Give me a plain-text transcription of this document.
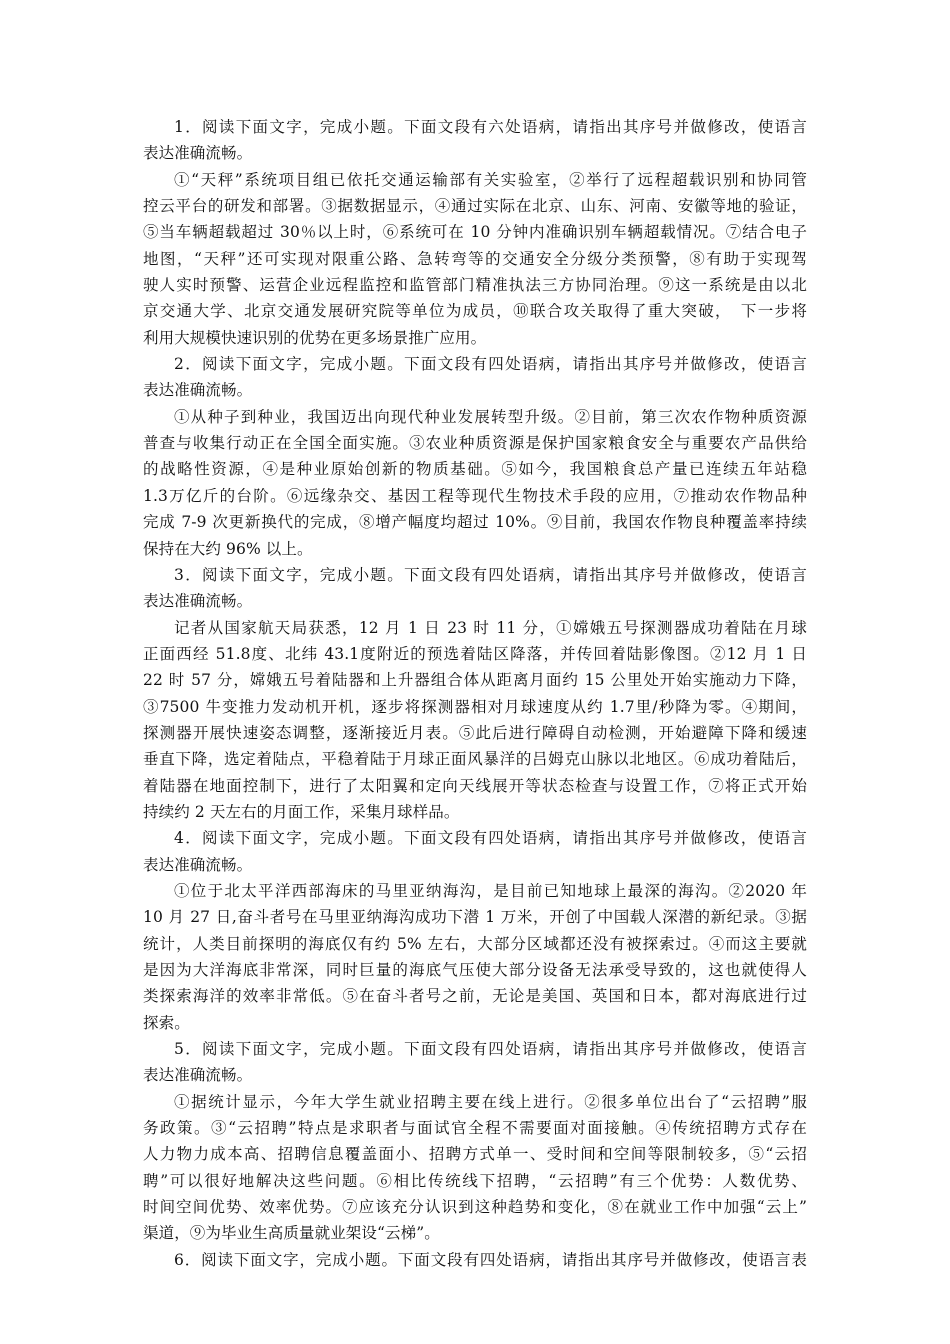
1．阅读下面文字，完成小题。下面文段有六处语病，请指出其序号并做修改，使语言
表达准确流畅。
①“天秤”系统项目组已依托交通运输部有关实验室，②举行了远程超载识别和协同管
控云平台的研发和部署。③据数据显示，④通过实际在北京、山东、河南、安徽等地的验证，
⑤当车辆超载超过 30％以上时，⑥系统可在 10 分钟内准确识别车辆超载情况。⑦结合电子
地图，“天秤”还可实现对限重公路、急转弯等的交通安全分级分类预警，⑧有助于实现驾
驶人实时预警、运营企业远程监控和监管部门精准执法三方协同治理。⑨这一系统是由以北
京交通大学、北京交通发展研究院等单位为成员，⑩联合攻关取得了重大突破，　下一步将
利用大规模快速识别的优势在更多场景推广应用。
2．阅读下面文字，完成小题。下面文段有四处语病，请指出其序号并做修改，使语言
表达准确流畅。
①从种子到种业，我国迈出向现代种业发展转型升级。②目前，第三次农作物种质资源
普查与收集行动正在全国全面实施。③农业种质资源是保护国家粮食安全与重要农产品供给
的战略性资源，④是种业原始创新的物质基础。⑤如今，我国粮食总产量已连续五年站稳
1.3万亿斤的台阶。⑥远缘杂交、基因工程等现代生物技术手段的应用，⑦推动农作物品种
完成 7-9 次更新换代的完成，⑧增产幅度均超过 10%。⑨目前，我国农作物良种覆盖率持续
保持在大约 96% 以上。
3．阅读下面文字，完成小题。下面文段有四处语病，请指出其序号并做修改，使语言
表达准确流畅。
记者从国家航天局获悉，12 月 1 日 23 时 11 分，①嫦娥五号探测器成功着陆在月球
正面西经 51.8度、北纬 43.1度附近的预选着陆区降落，并传回着陆影像图。②12 月 1 日
22 时 57 分，嫦娥五号着陆器和上升器组合体从距离月面约 15 公里处开始实施动力下降，
③7500 牛变推力发动机开机，逐步将探测器相对月球速度从约 1.7里/秒降为零。④期间，
探测器开展快速姿态调整，逐渐接近月表。⑤此后进行障碍自动检测，开始避障下降和缓速
垂直下降，选定着陆点，平稳着陆于月球正面风暴洋的吕姆克山脉以北地区。⑥成功着陆后，
着陆器在地面控制下，进行了太阳翼和定向天线展开等状态检查与设置工作，⑦将正式开始
持续约 2 天左右的月面工作，采集月球样品。
4．阅读下面文字，完成小题。下面文段有四处语病，请指出其序号并做修改，使语言
表达准确流畅。
①位于北太平洋西部海床的马里亚纳海沟，是目前已知地球上最深的海沟。②2020 年
10 月 27 日,奋斗者号在马里亚纳海沟成功下潜 1 万米，开创了中国载人深潜的新纪录。③据
统计，人类目前探明的海底仅有约 5% 左右，大部分区域都还没有被探索过。④而这主要就
是因为大洋海底非常深，同时巨量的海底气压使大部分设备无法承受导致的，这也就使得人
类探索海洋的效率非常低。⑤在奋斗者号之前，无论是美国、英国和日本，都对海底进行过
探索。
5．阅读下面文字，完成小题。下面文段有四处语病，请指出其序号并做修改，使语言
表达准确流畅。
①据统计显示，今年大学生就业招聘主要在线上进行。②很多单位出台了“云招聘”服
务政策。③“云招聘”特点是求职者与面试官全程不需要面对面接触。④传统招聘方式存在
人力物力成本高、招聘信息覆盖面小、招聘方式单一、受时间和空间等限制较多，⑤“云招
聘”可以很好地解决这些问题。⑥相比传统线下招聘，“云招聘”有三个优势：人数优势、
时间空间优势、效率优势。⑦应该充分认识到这种趋势和变化，⑧在就业工作中加强“云上”
渠道，⑨为毕业生高质量就业架设“云梯”。
6．阅读下面文字，完成小题。下面文段有四处语病，请指出其序号并做修改，使语言表
